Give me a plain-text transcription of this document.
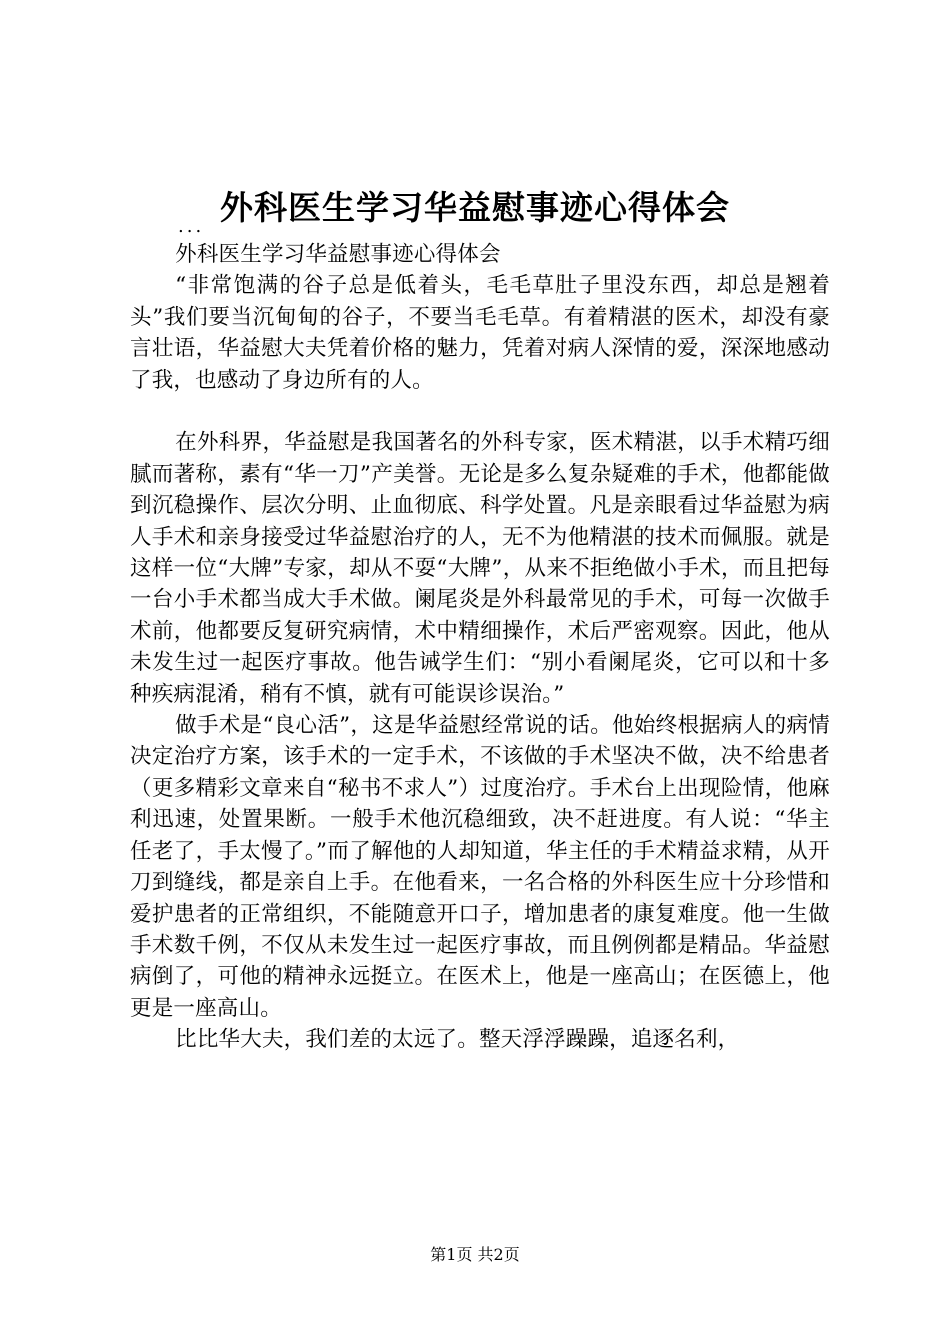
外科医生学习华益慰事迹心得体会
...

外科医生学习华益慰事迹心得体会

“非常饱满的谷子总是低着头，毛毛草肚子里没东西，却总是翘着头”我们要当沉甸甸的谷子，不要当毛毛草。有着精湛的医术，却没有豪言壮语，华益慰大夫凭着价格的魅力，凭着对病人深情的爱，深深地感动了我，也感动了身边所有的人。

在外科界，华益慰是我国著名的外科专家，医术精湛，以手术精巧细腻而著称，素有“华一刀”产美誉。无论是多么复杂疑难的手术，他都能做到沉稳操作、层次分明、止血彻底、科学处置。凡是亲眼看过华益慰为病人手术和亲身接受过华益慰治疗的人，无不为他精湛的技术而佩服。就是这样一位“大牌”专家，却从不耍“大牌”，从来不拒绝做小手术，而且把每一台小手术都当成大手术做。阑尾炎是外科最常见的手术，可每一次做手术前，他都要反复研究病情，术中精细操作，术后严密观察。因此，他从未发生过一起医疗事故。他告诫学生们：“别小看阑尾炎，它可以和十多种疾病混淆，稍有不慎，就有可能误诊误治。”

做手术是“良心活”，这是华益慰经常说的话。他始终根据病人的病情决定治疗方案，该手术的一定手术，不该做的手术坚决不做，决不给患者（更多精彩文章来自“秘书不求人”）过度治疗。手术台上出现险情，他麻利迅速，处置果断。一般手术他沉稳细致，决不赶进度。有人说：“华主任老了，手太慢了。”而了解他的人却知道，华主任的手术精益求精，从开刀到缝线，都是亲自上手。在他看来，一名合格的外科医生应十分珍惜和爱护患者的正常组织，不能随意开口子，增加患者的康复难度。他一生做手术数千例，不仅从未发生过一起医疗事故，而且例例都是精品。华益慰病倒了，可他的精神永远挺立。在医术上，他是一座高山；在医德上，他更是一座高山。

比比华大夫，我们差的太远了。整天浮浮躁躁，追逐名利，

第1页 共2页
